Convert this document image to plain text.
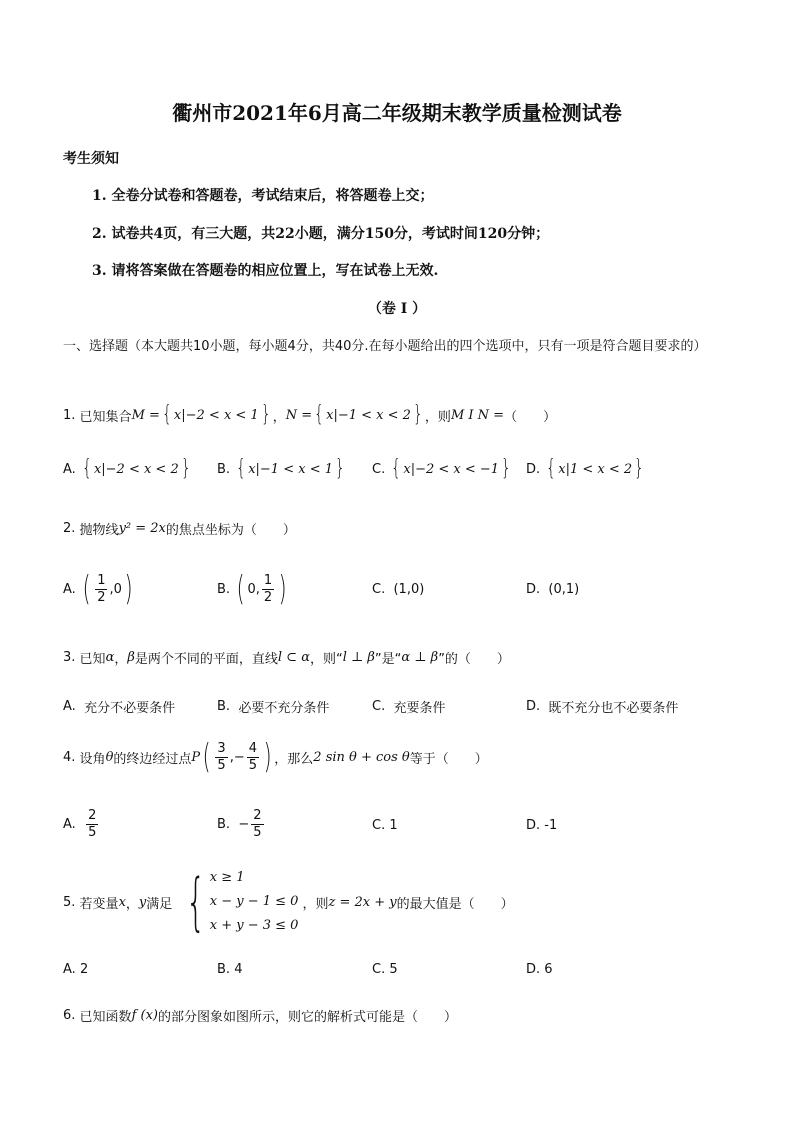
衢州市2021年6月高二年级期末教学质量检测试卷
考生须知
1. 全卷分试卷和答题卷，考试结束后，将答题卷上交；
2. 试卷共4页，有三大题，共22小题，满分150分，考试时间120分钟；
3. 请将答案做在答题卷的相应位置上，写在试卷上无效.
（卷 I ）
一、选择题（本大题共10小题，每小题4分，共40分.在每小题给出的四个选项中，只有一项是符合题目要求的）
1.
已知集合 M = { x|−2 < x < 1 } ， N = { x|−1 < x < 2 } ，则 M I N = （　　）
A.
{ x|−2 < x < 2 } B.
{ x|−1 < x < 1 } C.
{ x|−2 < x < −1 } D.
{ x|1 < x < 2 }
2.
抛物线 y² = 2x 的焦点坐标为（　　）
A.
( $\frac{1}{2} ,0$ )	B.
( 0, $\frac{1}{2}$ )	C.
(1,0)	D.
(0,1)
3.
已知 α ， β 是两个不同的平面，直线 l ⊂ α ，则“ l ⊥ β ”是“ α ⊥ β ”的（　　）
A.
充分不必要条件	B.
必要不充分条件	C.
充要条件	D.
既不充分也不必要条件
4.
设角 θ 的终边经过点 P ( $\frac{3}{5}$ ,− $\frac{4}{5}$ ) ，那么 2 sin θ + cos θ 等于（　　）
A.
$\frac{2}{5}$	B.
− $\frac{2}{5}$	C.
1	D.
-1
5.
若变量 x ， y 满足 { x ≥ 1
x − y − 1 ≤ 0
x + y − 3 ≤ 0
，则 z = 2x + y 的最大值是（　　）
A.
2	B.
4	C.
5	D.
6
6.
已知函数 f (x) 的部分图象如图所示，则它的解析式可能是（　　）
